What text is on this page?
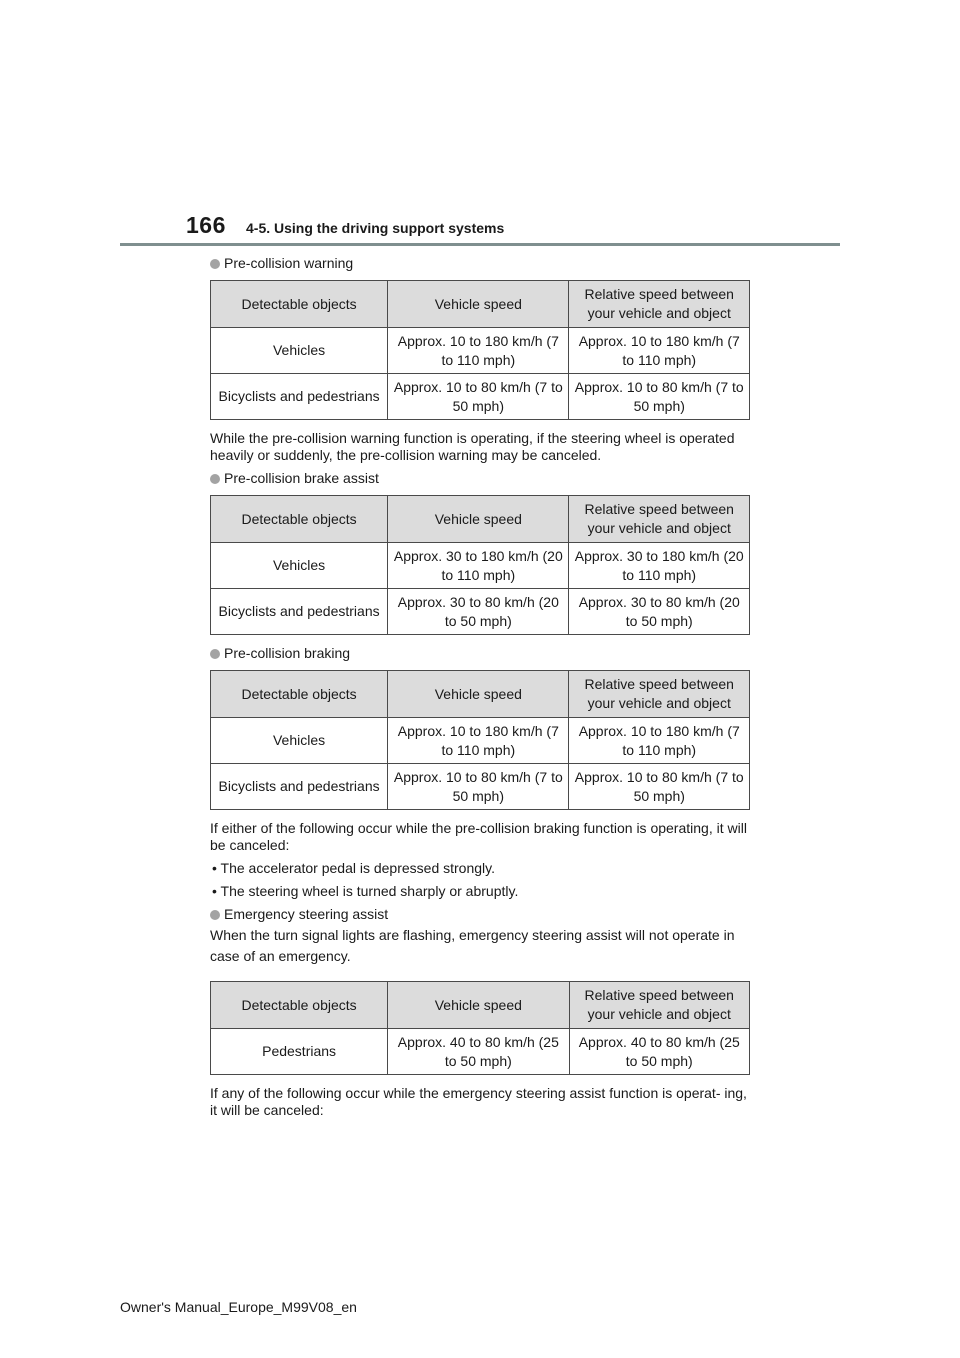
166 4-5. Using the driving support systems
Pre-collision warning
Detectable objects	Vehicle speed	Relative speed between your vehicle and object
Vehicles	Approx. 10 to 180 km/h (7 to 110 mph)	Approx. 10 to 180 km/h (7 to 110 mph)
Bicyclists and pedestrians	Approx. 10 to 80 km/h (7 to 50 mph)	Approx. 10 to 80 km/h (7 to 50 mph)

While the pre-collision warning function is operating, if the steering wheel is operated heavily or suddenly, the pre-collision warning may be canceled.

Pre-collision brake assist
Detectable objects	Vehicle speed	Relative speed between your vehicle and object
Vehicles	Approx. 30 to 180 km/h (20 to 110 mph)	Approx. 30 to 180 km/h (20 to 110 mph)
Bicyclists and pedestrians	Approx. 30 to 80 km/h (20 to 50 mph)	Approx. 30 to 80 km/h (20 to 50 mph)
Pre-collision braking
Detectable objects	Vehicle speed	Relative speed between your vehicle and object
Vehicles	Approx. 10 to 180 km/h (7 to 110 mph)	Approx. 10 to 180 km/h (7 to 110 mph)
Bicyclists and pedestrians	Approx. 10 to 80 km/h (7 to 50 mph)	Approx. 10 to 80 km/h (7 to 50 mph)

If either of the following occur while the pre-collision braking function is operating, it will be canceled:

• The accelerator pedal is depressed strongly.
• The steering wheel is turned sharply or abruptly.
Emergency steering assist

When the turn signal lights are flashing, emergency steering assist will not operate in case of an emergency.

Detectable objects	Vehicle speed	Relative speed between your vehicle and object
Pedestrians	Approx. 40 to 80 km/h (25 to 50 mph)	Approx. 40 to 80 km/h (25 to 50 mph)

If any of the following occur while the emergency steering assist function is operat- ing, it will be canceled:

Owner's Manual_Europe_M99V08_en
